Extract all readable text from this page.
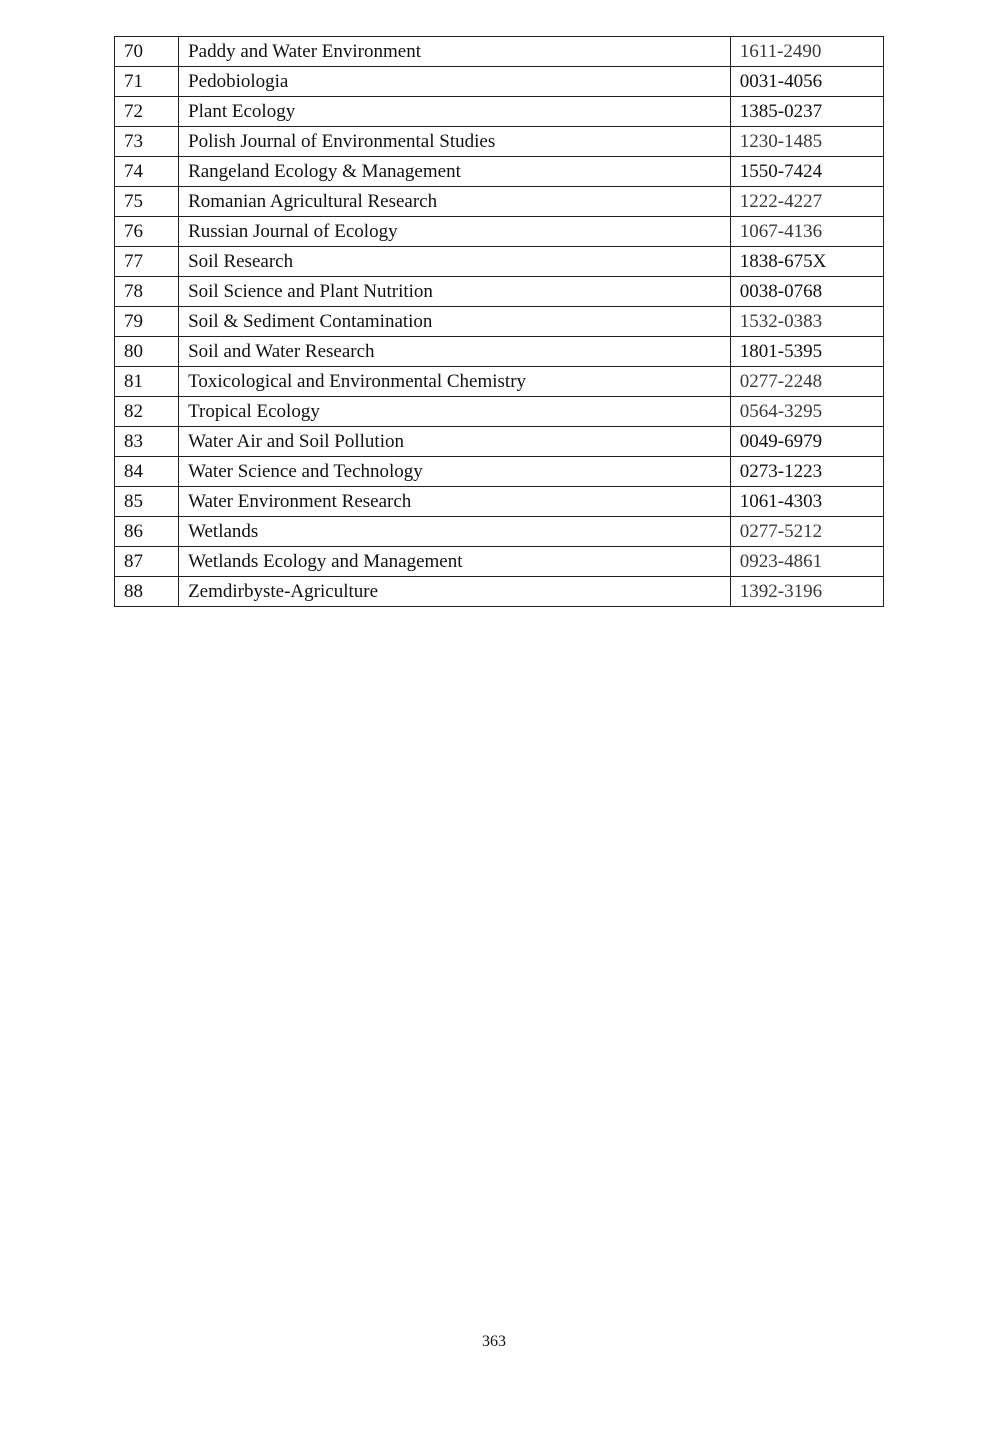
70	Paddy and Water Environment	1611-2490
71	Pedobiologia	0031-4056
72	Plant Ecology	1385-0237
73	Polish Journal of Environmental Studies	1230-1485
74	Rangeland Ecology & Management	1550-7424
75	Romanian Agricultural Research	1222-4227
76	Russian Journal of Ecology	1067-4136
77	Soil Research	1838-675X
78	Soil Science and Plant Nutrition	0038-0768
79	Soil & Sediment Contamination	1532-0383
80	Soil and Water Research	1801-5395
81	Toxicological and Environmental Chemistry	0277-2248
82	Tropical Ecology	0564-3295
83	Water Air and Soil Pollution	0049-6979
84	Water Science and Technology	0273-1223
85	Water Environment Research	1061-4303
86	Wetlands	0277-5212
87	Wetlands Ecology and Management	0923-4861
88	Zemdirbyste-Agriculture	1392-3196
363
